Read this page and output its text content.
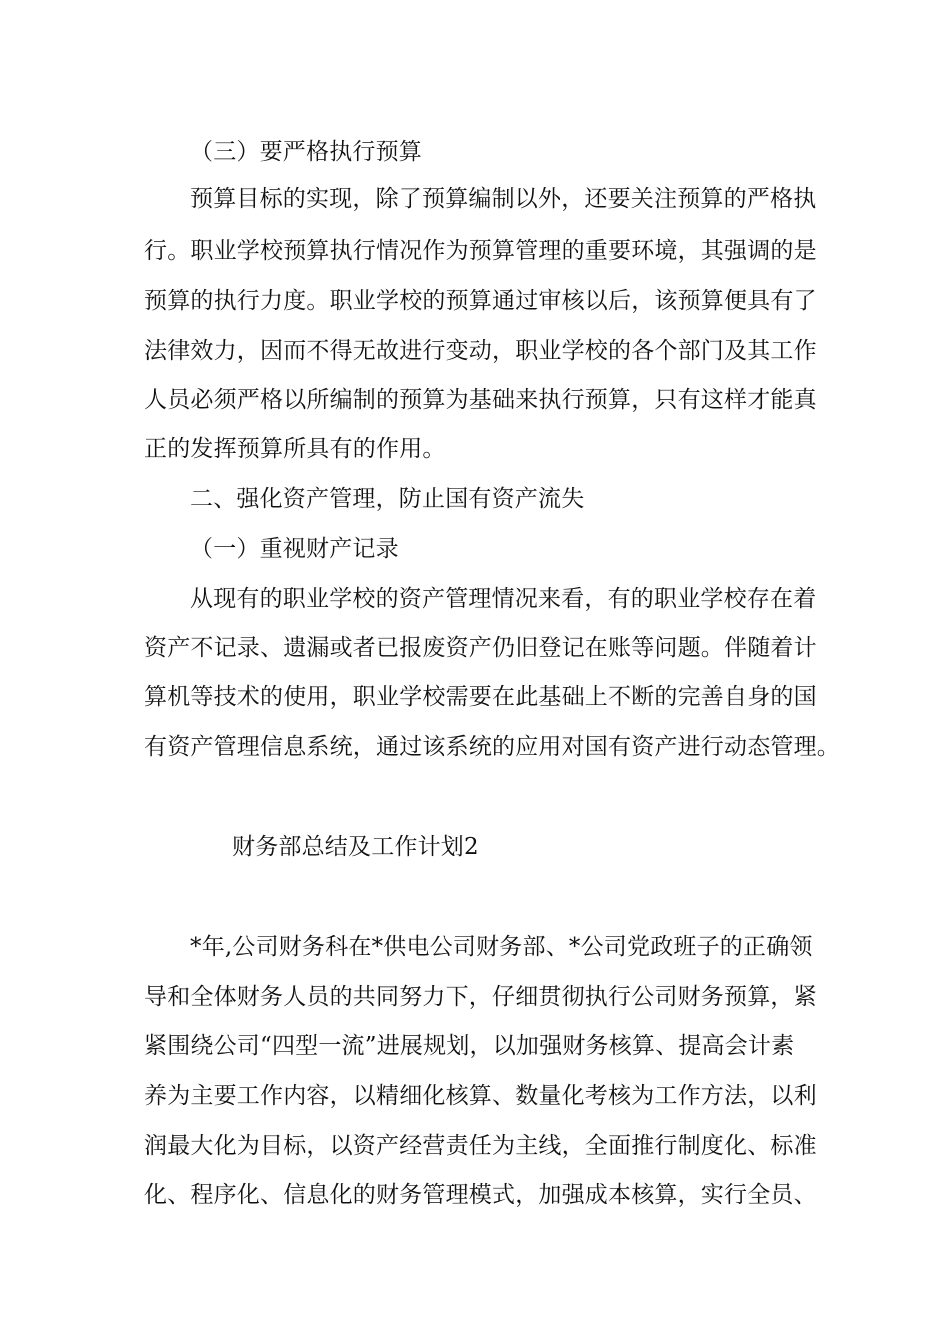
（三）要严格执行预算
预算目标的实现，除了预算编制以外，还要关注预算的严格执
行。职业学校预算执行情况作为预算管理的重要环境，其强调的是
预算的执行力度。职业学校的预算通过审核以后，该预算便具有了
法律效力，因而不得无故进行变动，职业学校的各个部门及其工作
人员必须严格以所编制的预算为基础来执行预算，只有这样才能真
正的发挥预算所具有的作用。
二、强化资产管理，防止国有资产流失
（一）重视财产记录
从现有的职业学校的资产管理情况来看，有的职业学校存在着
资产不记录、遗漏或者已报废资产仍旧登记在账等问题。伴随着计
算机等技术的使用，职业学校需要在此基础上不断的完善自身的国
有资产管理信息系统，通过该系统的应用对国有资产进行动态管理。
财务部总结及工作计划2
*年,公司财务科在*供电公司财务部、*公司党政班子的正确领
导和全体财务人员的共同努力下，仔细贯彻执行公司财务预算，紧
紧围绕公司“四型一流”进展规划，以加强财务核算、提高会计素
养为主要工作内容，以精细化核算、数量化考核为工作方法，以利
润最大化为目标，以资产经营责任为主线，全面推行制度化、标准
化、程序化、信息化的财务管理模式，加强成本核算，实行全员、
